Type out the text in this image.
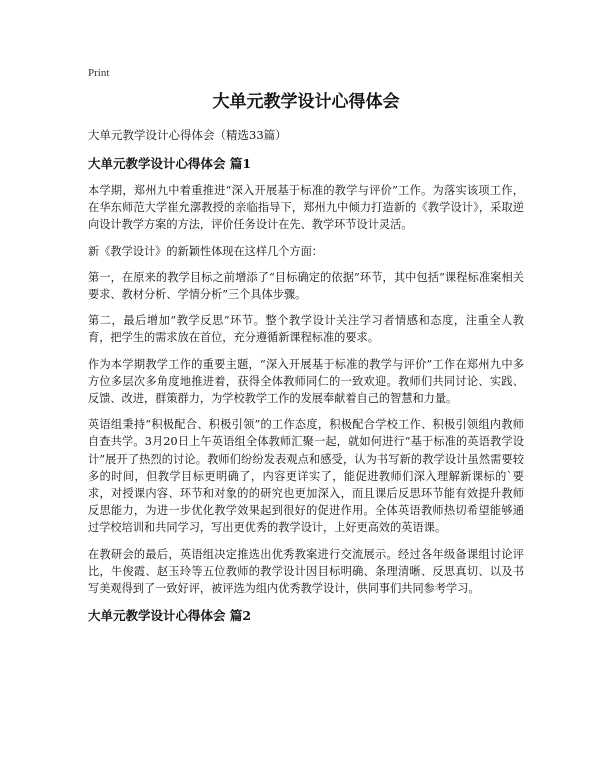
Print
大单元教学设计心得体会
大单元教学设计心得体会（精选33篇）
大单元教学设计心得体会 篇1

本学期，郑州九中着重推进“深入开展基于标准的教学与评价”工作。为落实该项工作，在华东师范大学崔允漷教授的亲临指导下，郑州九中倾力打造新的《教学设计》，采取逆向设计教学方案的方法，评价任务设计在先、教学环节设计灵活。

新《教学设计》的新颖性体现在这样几个方面：

第一，在原来的教学目标之前增添了“目标确定的依据”环节，其中包括“课程标准案相关要求、教材分析、学情分析”三个具体步骤。

第二，最后增加“教学反思”环节。整个教学设计关注学习者情感和态度，注重全人教育，把学生的需求放在首位，充分遵循新课程标准的要求。

作为本学期教学工作的重要主题，“深入开展基于标准的教学与评价”工作在郑州九中多方位多层次多角度地推进着，获得全体教师同仁的一致欢迎。教师们共同讨论、实践、反馈、改进，群策群力，为学校教学工作的发展奉献着自己的智慧和力量。

英语组秉持“积极配合、积极引领”的工作态度，积极配合学校工作、积极引领组内教师自查共学。3月20日上午英语组全体教师汇聚一起，就如何进行“基于标准的英语教学设计”展开了热烈的讨论。教师们纷纷发表观点和感受，认为书写新的教学设计虽然需要较多的时间，但教学目标更明确了，内容更详实了，能促进教师们深入理解新课标的`要求，对授课内容、环节和对象的的研究也更加深入，而且课后反思环节能有效提升教师反思能力，为进一步优化教学效果起到很好的促进作用。全体英语教师热切希望能够通过学校培训和共同学习，写出更优秀的教学设计，上好更高效的英语课。

在教研会的最后，英语组决定推选出优秀教案进行交流展示。经过各年级备课组讨论评比，牛俊霞、赵玉玲等五位教师的教学设计因目标明确、条理清晰、反思真切、以及书写美观得到了一致好评，被评选为组内优秀教学设计，供同事们共同参考学习。

大单元教学设计心得体会 篇2
